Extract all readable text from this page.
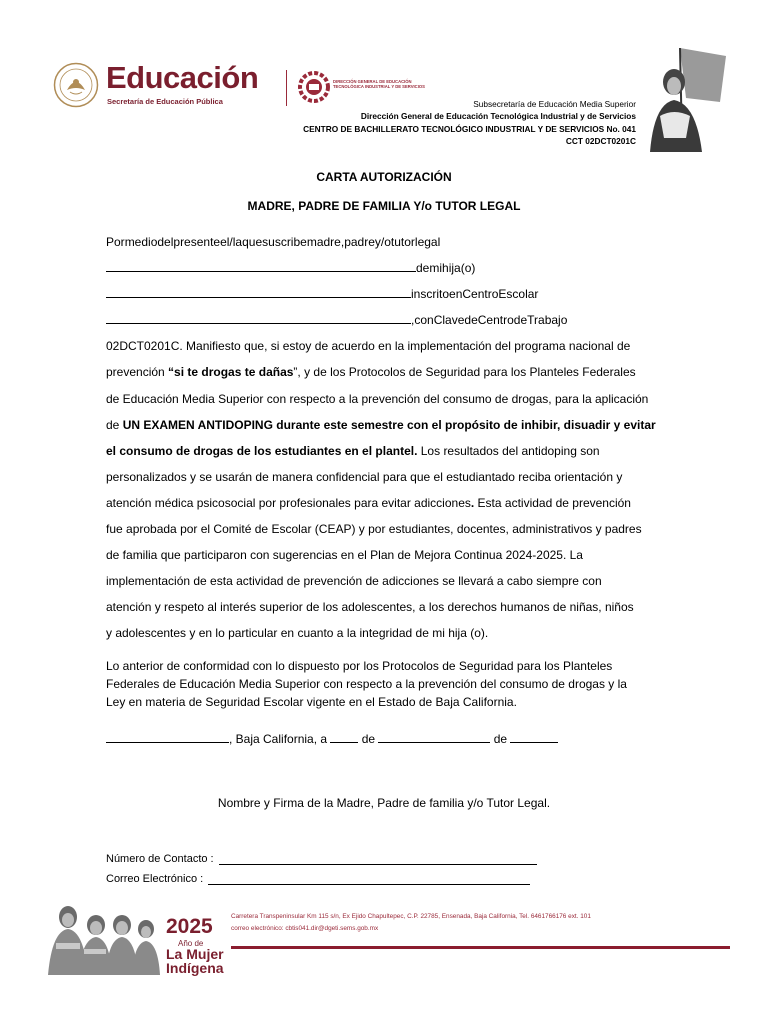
Educación
Secretaría de Educación Pública
DIRECCIÓN GENERAL DE EDUCACIÓN
TECNOLÓGICA INDUSTRIAL Y DE SERVICIOS
Subsecretaría de Educación Media Superior
Dirección General de Educación Tecnológica Industrial y de Servicios
CENTRO DE BACHILLERATO TECNOLÓGICO INDUSTRIAL Y DE SERVICIOS No. 041
CCT 02DCT0201C
CARTA AUTORIZACIÓN
MADRE, PADRE DE FAMILIA Y/o TUTOR LEGAL
Pormediodelpresenteel/laquesuscribemadre,padrey/otutorlegal
demihija(o)
inscritoenCentroEscolar
,conClavedeCentrodeTrabajo
02DCT0201C. Manifiesto que, si estoy de acuerdo en la implementación del programa nacional de
prevención “si te drogas te dañas”, y de los Protocolos de Seguridad para los Planteles Federales
de Educación Media Superior con respecto a la prevención del consumo de drogas, para la aplicación
de UN EXAMEN ANTIDOPING durante este semestre con el propósito de inhibir, disuadir y evitar
el consumo de drogas de los estudiantes en el plantel. Los resultados del antidoping son
personalizados y se usarán de manera confidencial para que el estudiantado reciba orientación y
atención médica psicosocial por profesionales para evitar adicciones. Esta actividad de prevención
fue aprobada por el Comité de Escolar (CEAP) y por estudiantes, docentes, administrativos y padres
de familia que participaron con sugerencias en el Plan de Mejora Continua 2024-2025. La
implementación de esta actividad de prevención de adicciones se llevará a cabo siempre con
atención y respeto al interés superior de los adolescentes, a los derechos humanos de niñas, niños
y adolescentes y en lo particular en cuanto a la integridad de mi hija (o).
Lo anterior de conformidad con lo dispuesto por los Protocolos de Seguridad para los Planteles
Federales de Educación Media Superior con respecto a la prevención del consumo de drogas y la
Ley en materia de Seguridad Escolar vigente en el Estado de Baja California.
, Baja California, a  de	de
Nombre y Firma de la Madre, Padre de familia y/o Tutor Legal.
Número de Contacto :
Correo Electrónico :
2025
Año de
La Mujer
Indígena
Carretera Transpeninsular Km 115 s/n, Ex Ejido Chapultepec, C.P. 22785, Ensenada, Baja California, Tel. 6461766176 ext. 101
correo electrónico: cbtis041.dir@dgeti.sems.gob.mx
